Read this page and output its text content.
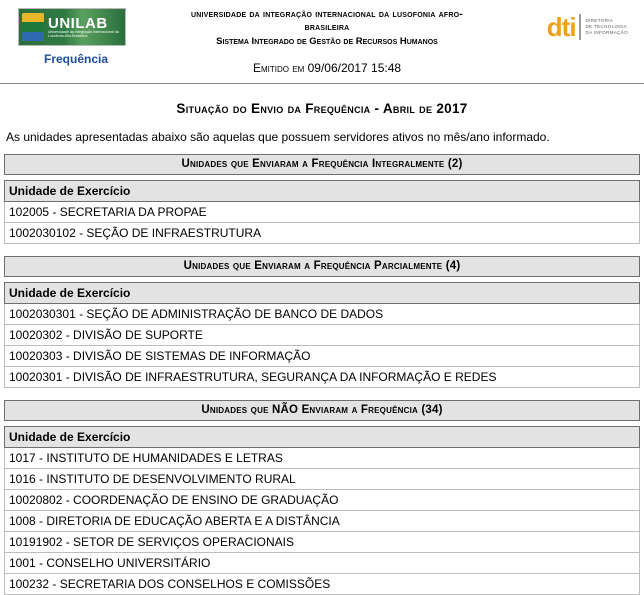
UNILAB
Universidade da Integração Internacional da Lusofonia Afro-Brasileira
Frequência
universidade da integração internacional da lusofonia afro-
brasileira
Sistema Integrado de Gestão de Recursos Humanos
Emitido em 09/06/2017 15:48
dti DIRETORIA
DE TECNOLOGIA
DA INFORMAÇÃO
Situação do Envio da Frequência - Abril de 2017
As unidades apresentadas abaixo são aquelas que possuem servidores ativos no mês/ano informado.
Unidades que Enviaram a Frequência Integralmente (2)
Unidade de Exercício
102005 - SECRETARIA DA PROPAE
1002030102 - SEÇÃO DE INFRAESTRUTURA
Unidades que Enviaram a Frequência Parcialmente (4)
Unidade de Exercício
1002030301 - SEÇÃO DE ADMINISTRAÇÃO DE BANCO DE DADOS
10020302 - DIVISÃO DE SUPORTE
10020303 - DIVISÃO DE SISTEMAS DE INFORMAÇÃO
10020301 - DIVISÃO DE INFRAESTRUTURA, SEGURANÇA DA INFORMAÇÃO E REDES
Unidades que NÃO Enviaram a Frequência (34)
Unidade de Exercício
1017 - INSTITUTO DE HUMANIDADES E LETRAS
1016 - INSTITUTO DE DESENVOLVIMENTO RURAL
10020802 - COORDENAÇÃO DE ENSINO DE GRADUAÇÃO
1008 - DIRETORIA DE EDUCAÇÃO ABERTA E A DISTÂNCIA
10191902 - SETOR DE SERVIÇOS OPERACIONAIS
1001 - CONSELHO UNIVERSITÁRIO
100232 - SECRETARIA DOS CONSELHOS E COMISSÕES
